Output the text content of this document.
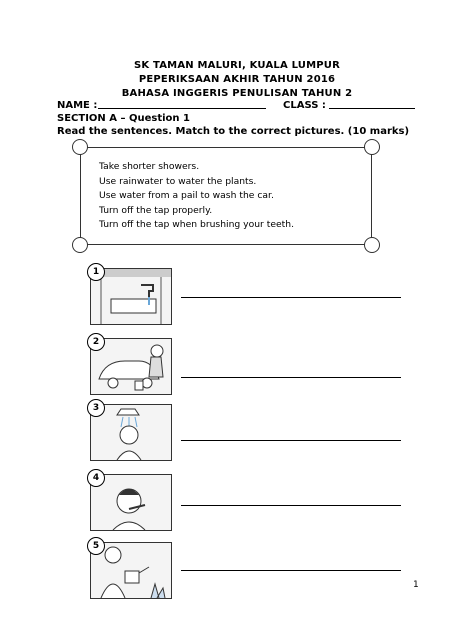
SK TAMAN MALURI, KUALA LUMPUR
PEPERIKSAAN AKHIR TAHUN 2016
BAHASA INGGERIS PENULISAN TAHUN 2
NAME :	CLASS :
SECTION A – Question 1
Read the sentences. Match to the correct pictures. (10 marks)
Take shorter showers.
Use rainwater to water the plants.
Use water from a pail to wash the car.
Turn off the tap properly.
Turn off the tap when brushing your teeth.
1
2
3
4
5
1
